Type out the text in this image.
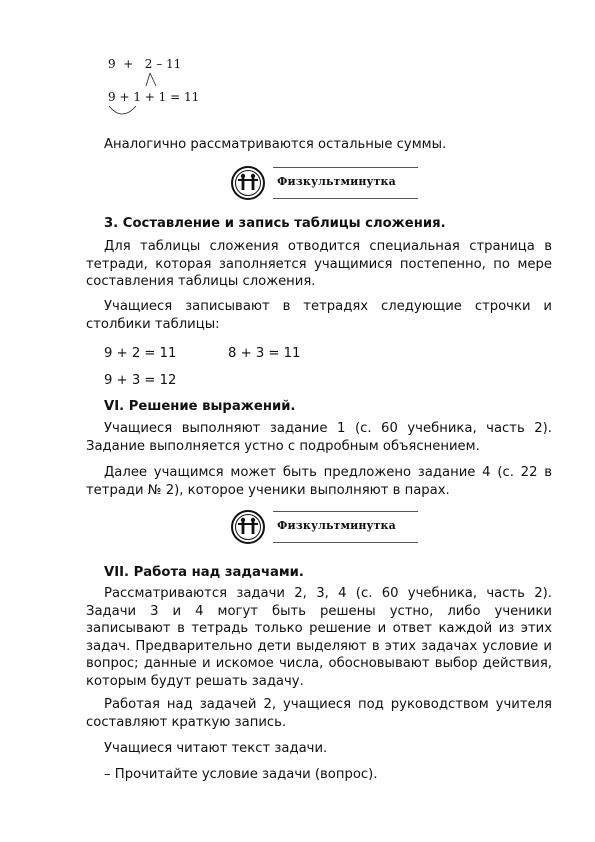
9  +   2 – 11
9 + 1 + 1 = 11

Аналогично рассматриваются остальные суммы.

Физкультминутка

3. Составление и запись таблицы сложения.

Для таблицы сложения отводится специальная страница в тетради, которая заполняется учащимися постепенно, по мере составления таблицы сложения.

Учащиеся записывают в тетрадях следующие строчки и столбики таблицы:

9 + 2 = 11	8 + 3 = 11
9 + 3 = 12

VI. Решение выражений.

Учащиеся выполняют задание 1 (с. 60 учебника, часть 2). Задание выполняется устно с подробным объяснением.

Далее учащимся может быть предложено задание 4 (с. 22 в тетради № 2), которое ученики выполняют в парах.

Физкультминутка

VII. Работа над задачами.

Рассматриваются задачи 2, 3, 4 (с. 60 учебника, часть 2). Задачи 3 и 4 могут быть решены устно, либо ученики записывают в тетрадь только решение и ответ каждой из этих задач. Предварительно дети выделяют в этих задачах условие и вопрос; данные и искомое числа, обосновывают выбор действия, которым будут решать задачу.

Работая над задачей 2, учащиеся под руководством учителя составляют краткую запись.

Учащиеся читают текст задачи.

– Прочитайте условие задачи (вопрос).
